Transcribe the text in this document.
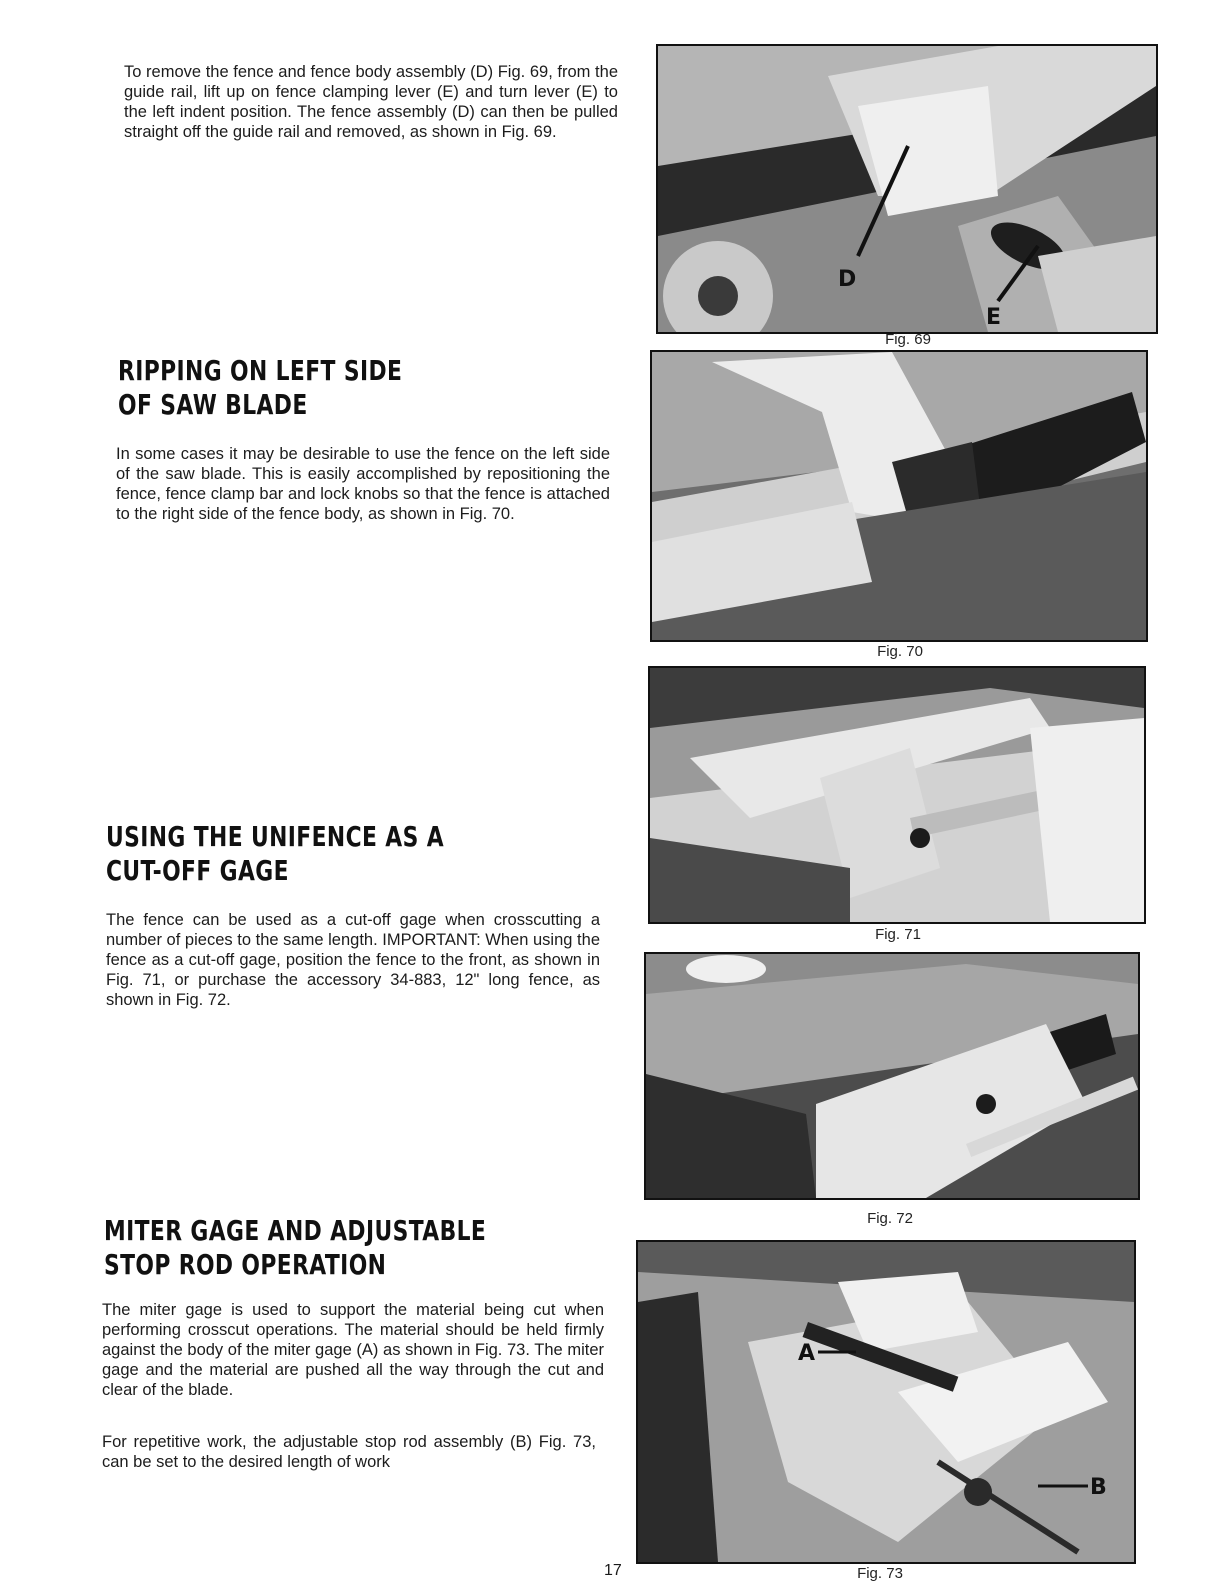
To remove the fence and fence body assembly (D) Fig. 69, from the guide rail, lift up on fence clamping lever (E) and turn lever (E) to the left indent position. The fence assembly (D) can then be pulled straight off the guide rail and removed, as shown in Fig. 69.

D
E

Fig. 69

RIPPING ON LEFT SIDE
OF SAW BLADE

In some cases it may be desirable to use the fence on the left side of the saw blade. This is easily accomplished by repositioning the fence, fence clamp bar and lock knobs so that the fence is attached to the right side of the fence body, as shown in Fig. 70.

Fig. 70

Fig. 71

USING THE UNIFENCE AS A
CUT-OFF GAGE

The fence can be used as a cut-off gage when crosscutting a number of pieces to the same length. IMPORTANT: When using the fence as a cut-off gage, position the fence to the front, as shown in Fig. 71, or purchase the accessory 34-883, 12" long fence, as shown in Fig. 72.

Fig. 72

MITER GAGE AND ADJUSTABLE
STOP ROD OPERATION

The miter gage is used to support the material being cut when performing crosscut operations. The material should be held firmly against the body of the miter gage (A) as shown in Fig. 73. The miter gage and the material are pushed all the way through the cut and clear of the blade.

For repetitive work, the adjustable stop rod assembly (B) Fig. 73, can be set to the desired length of work

A
B

Fig. 73

17
